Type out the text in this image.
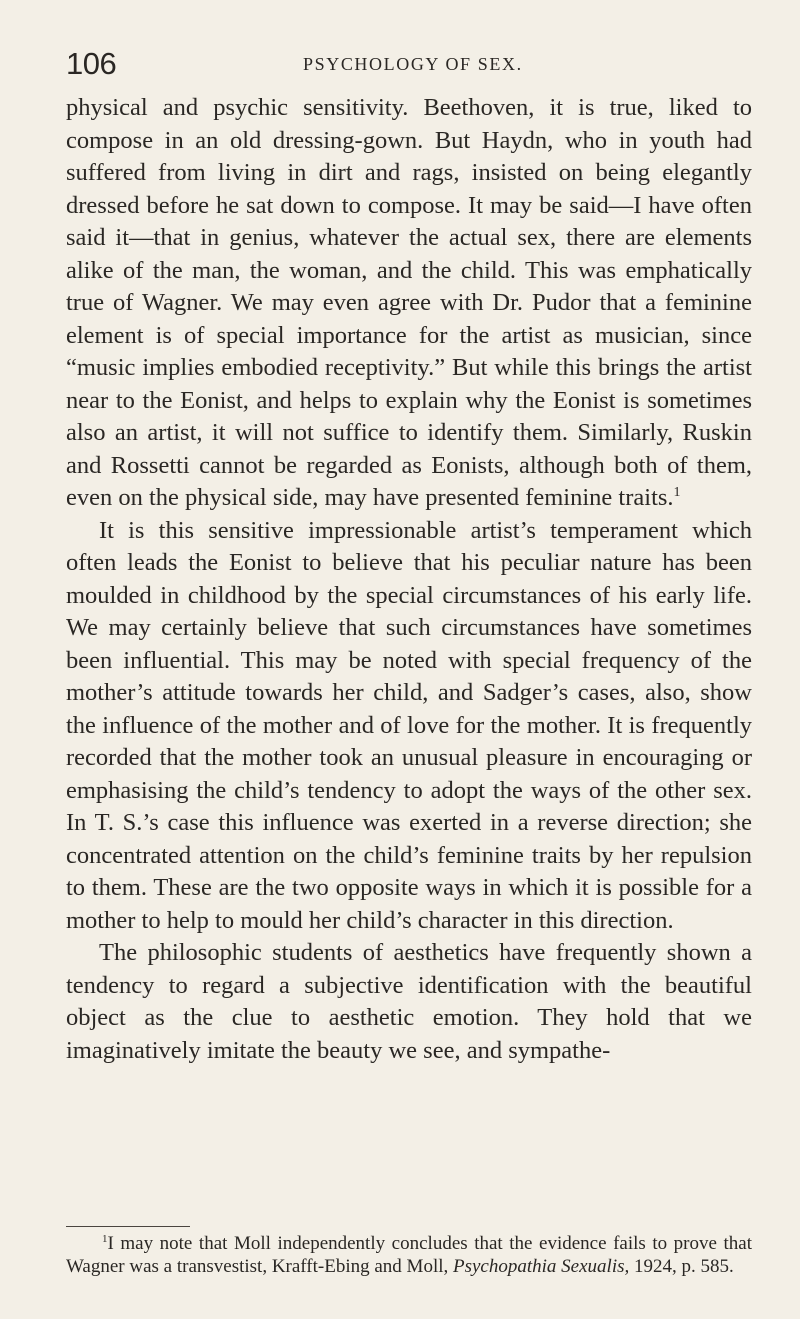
106	PSYCHOLOGY OF SEX.

physical and psychic sensitivity. Beethoven, it is true, liked to compose in an old dressing-gown. But Haydn, who in youth had suffered from living in dirt and rags, insisted on being elegantly dressed before he sat down to compose. It may be said—I have often said it—that in genius, whatever the actual sex, there are elements alike of the man, the woman, and the child. This was emphatically true of Wagner. We may even agree with Dr. Pudor that a feminine element is of special importance for the artist as musician, since “music implies embodied receptivity.” But while this brings the artist near to the Eonist, and helps to explain why the Eonist is sometimes also an artist, it will not suffice to identify them. Similarly, Ruskin and Rossetti cannot be regarded as Eonists, although both of them, even on the physical side, may have presented feminine traits.$^1$

It is this sensitive impressionable artist’s temperament which often leads the Eonist to believe that his peculiar nature has been moulded in childhood by the special circumstances of his early life. We may certainly believe that such circumstances have sometimes been influential. This may be noted with special frequency of the mother’s attitude towards her child, and Sadger’s cases, also, show the influence of the mother and of love for the mother. It is frequently recorded that the mother took an unusual pleasure in encouraging or emphasising the child’s tendency to adopt the ways of the other sex. In T. S.’s case this influence was exerted in a reverse direction; she concentrated attention on the child’s feminine traits by her repulsion to them. These are the two opposite ways in which it is possible for a mother to help to mould her child’s character in this direction.

The philosophic students of aesthetics have frequently shown a tendency to regard a subjective identification with the beautiful object as the clue to aesthetic emotion. They hold that we imaginatively imitate the beauty we see, and sympathe-

$^1$I may note that Moll independently concludes that the evidence fails to prove that Wagner was a transvestist, Krafft-Ebing and Moll, Psychopathia Sexualis, 1924, p. 585.
